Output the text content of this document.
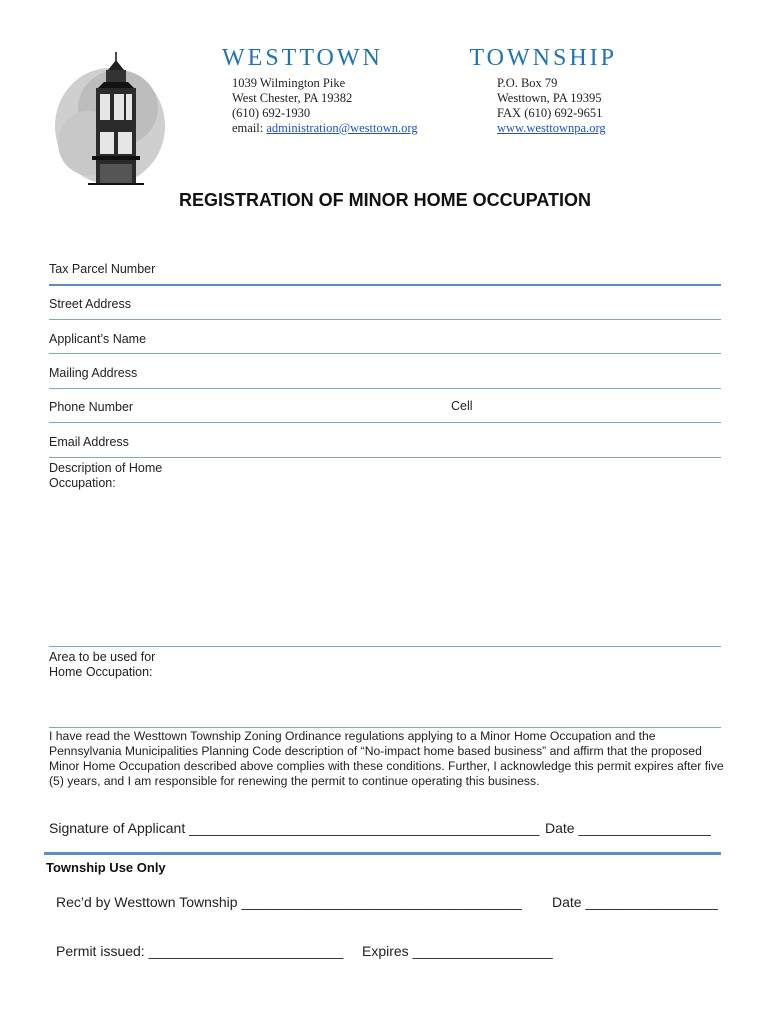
WESTTOWN	TOWNSHIP
1039 Wilmington Pike
West Chester, PA 19382
(610) 692-1930
email: administration@westtown.org
P.O. Box 79
Westtown, PA 19395
FAX (610) 692-9651
www.westtownpa.org
REGISTRATION OF MINOR HOME OCCUPATION
Tax Parcel Number
Street Address
Applicant’s Name
Mailing Address
Phone Number	Cell
Email Address
Description of Home
Occupation:
Area to be used for
Home Occupation:
I have read the Westtown Township Zoning Ordinance regulations applying to a Minor Home Occupation and the Pennsylvania Municipalities Planning Code description of “No-impact home based business” and affirm that the proposed Minor Home Occupation described above complies with these conditions. Further, I acknowledge this permit expires after five (5) years, and I am responsible for renewing the permit to continue operating this business.
Signature of Applicant _____________________________________________ Date _________________
Township Use Only
Rec’d by Westtown Township ____________________________________ Date _________________
Permit issued: _________________________ Expires __________________
